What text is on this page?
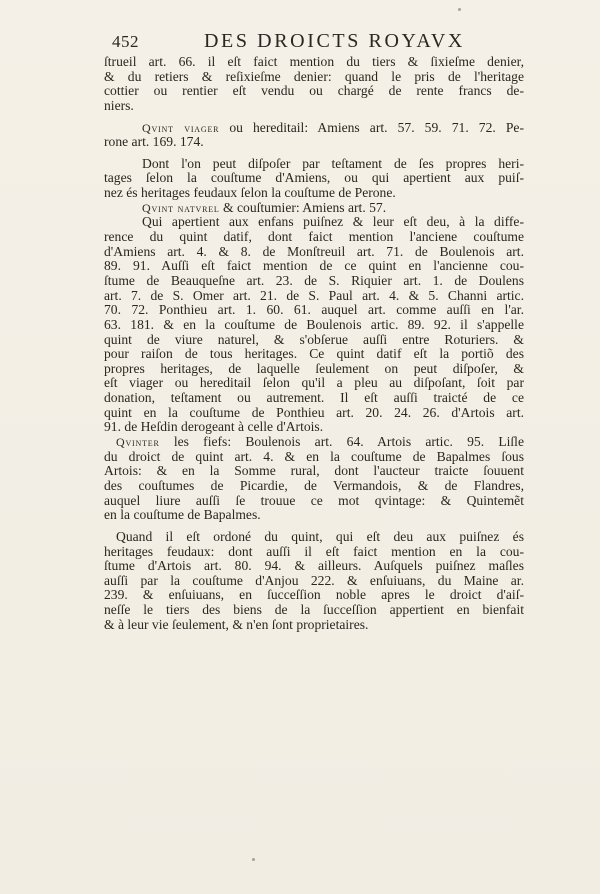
452	DES DROICTS ROYAVX
ſtrueil art. 66. il eſt faict mention du tiers & ſixieſme denier,
& du retiers & reſixieſme denier: quand le pris de l'heritage
cottier ou rentier eſt vendu ou chargé de rente francs de-
niers.
Qvint viager ou hereditail: Amiens art. 57. 59. 71. 72. Pe-
rone art. 169. 174.
Dont l'on peut diſpoſer par teſtament de ſes propres heri-
tages ſelon la couſtume d'Amiens, ou qui apertient aux puiſ-
nez és heritages feudaux ſelon la couſtume de Perone.
Qvint natvrel & couſtumier: Amiens art. 57.
Qui apertient aux enfans puiſnez & leur eſt deu, à la diffe-
rence du quint datif, dont faict mention l'anciene couſtume
d'Amiens art. 4. & 8. de Monſtreuil art. 71. de Boulenois art.
89. 91. Auſſi eſt faict mention de ce quint en l'ancienne cou-
ſtume de Beauqueſne art. 23. de S. Riquier art. 1. de Doulens
art. 7. de S. Omer art. 21. de S. Paul art. 4. & 5. Channi artic.
70. 72. Ponthieu art. 1. 60. 61. auquel art. comme auſſi en l'ar.
63. 181. & en la couſtume de Boulenois artic. 89. 92. il s'appelle
quint de viure naturel, & s'obſerue auſſi entre Roturiers. &
pour raiſon de tous heritages. Ce quint datif eſt la portiõ des
propres heritages, de laquelle ſeulement on peut diſpoſer, &
eſt viager ou hereditail ſelon qu'il a pleu au diſpoſant, ſoit par
donation, teſtament ou autrement. Il eſt auſſi traicté de ce
quint en la couſtume de Ponthieu art. 20. 24. 26. d'Artois art.
91. de Heſdin derogeant à celle d'Artois.
Qvinter les fiefs: Boulenois art. 64. Artois artic. 95. Liſle
du droict de quint art. 4. & en la couſtume de Bapalmes ſous
Artois: & en la Somme rural, dont l'aucteur traicte ſouuent
des couſtumes de Picardie, de Vermandois, & de Flandres,
auquel liure auſſi ſe trouue ce mot qvintage: & Quintemẽt
en la couſtume de Bapalmes.
Quand il eſt ordoné du quint, qui eſt deu aux puiſnez és
heritages feudaux: dont auſſi il eſt faict mention en la cou-
ſtume d'Artois art. 80. 94. & ailleurs. Auſquels puiſnez maſles
auſſi par la couſtume d'Anjou 222. & enſuiuans, du Maine ar.
239. & enſuiuans, en ſucceſſion noble apres le droict d'aiſ-
neſſe le tiers des biens de la ſucceſſion appertient en bienfait
& à leur vie ſeulement, & n'en ſont proprietaires.
